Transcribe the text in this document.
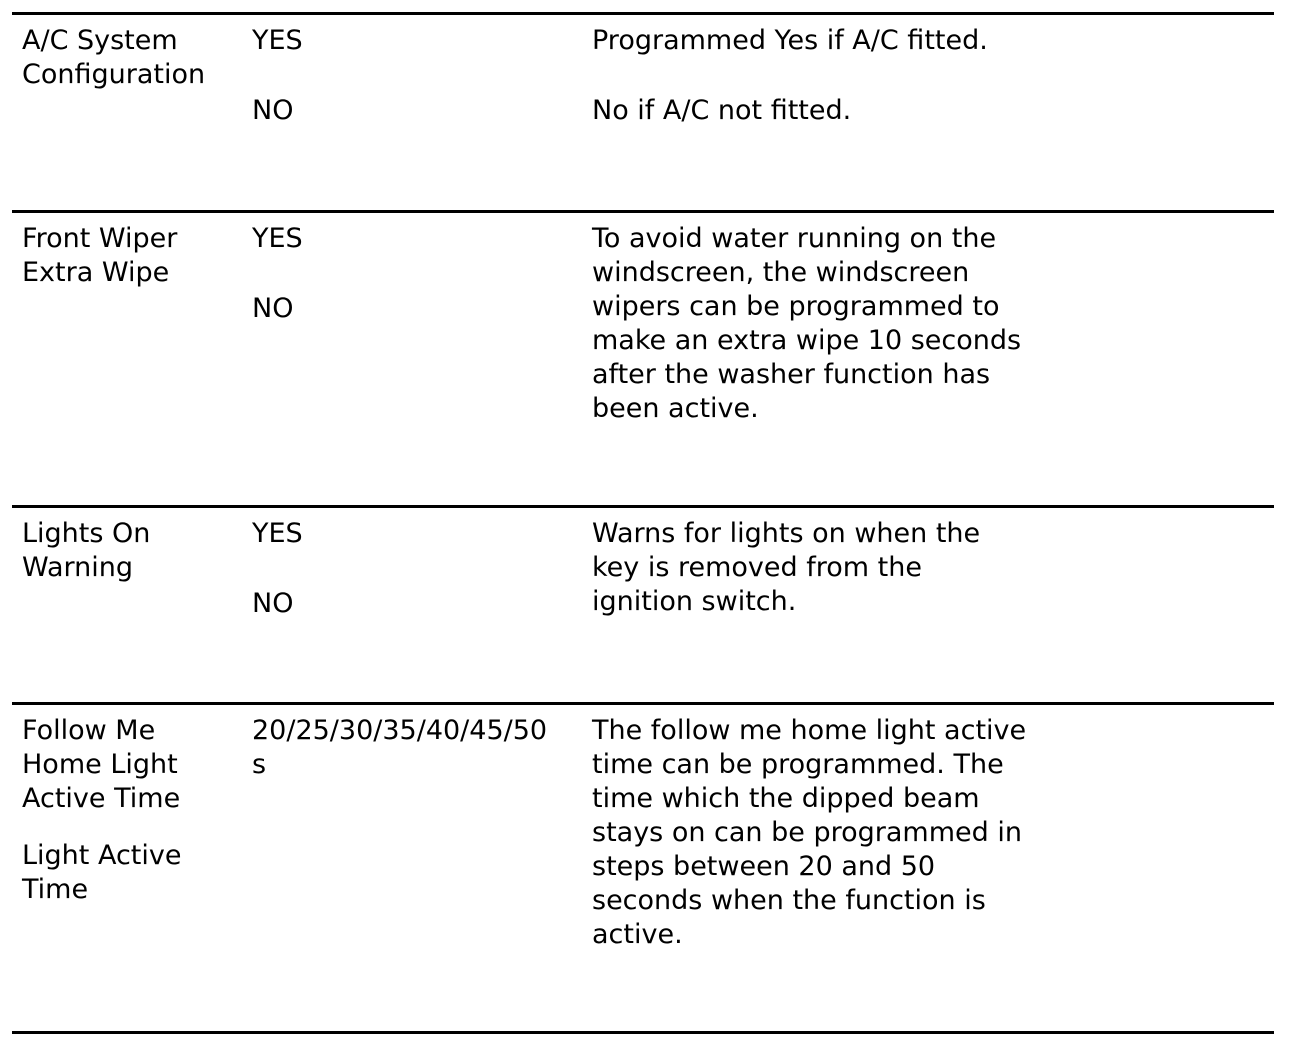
A/C System
Configuration
YES
NO
Programmed Yes if A/C fitted.
No if A/C not fitted.
Front Wiper
Extra Wipe
YES
NO
To avoid water running on the
windscreen, the windscreen
wipers can be programmed to
make an extra wipe 10 seconds
after the washer function has
been active.
Lights On
Warning
YES
NO
Warns for lights on when the
key is removed from the
ignition switch.
Follow Me
Home Light
Active Time
Light Active
Time
20/25/30/35/40/45/50
s
The follow me home light active
time can be programmed. The
time which the dipped beam
stays on can be programmed in
steps between 20 and 50
seconds when the function is
active.
